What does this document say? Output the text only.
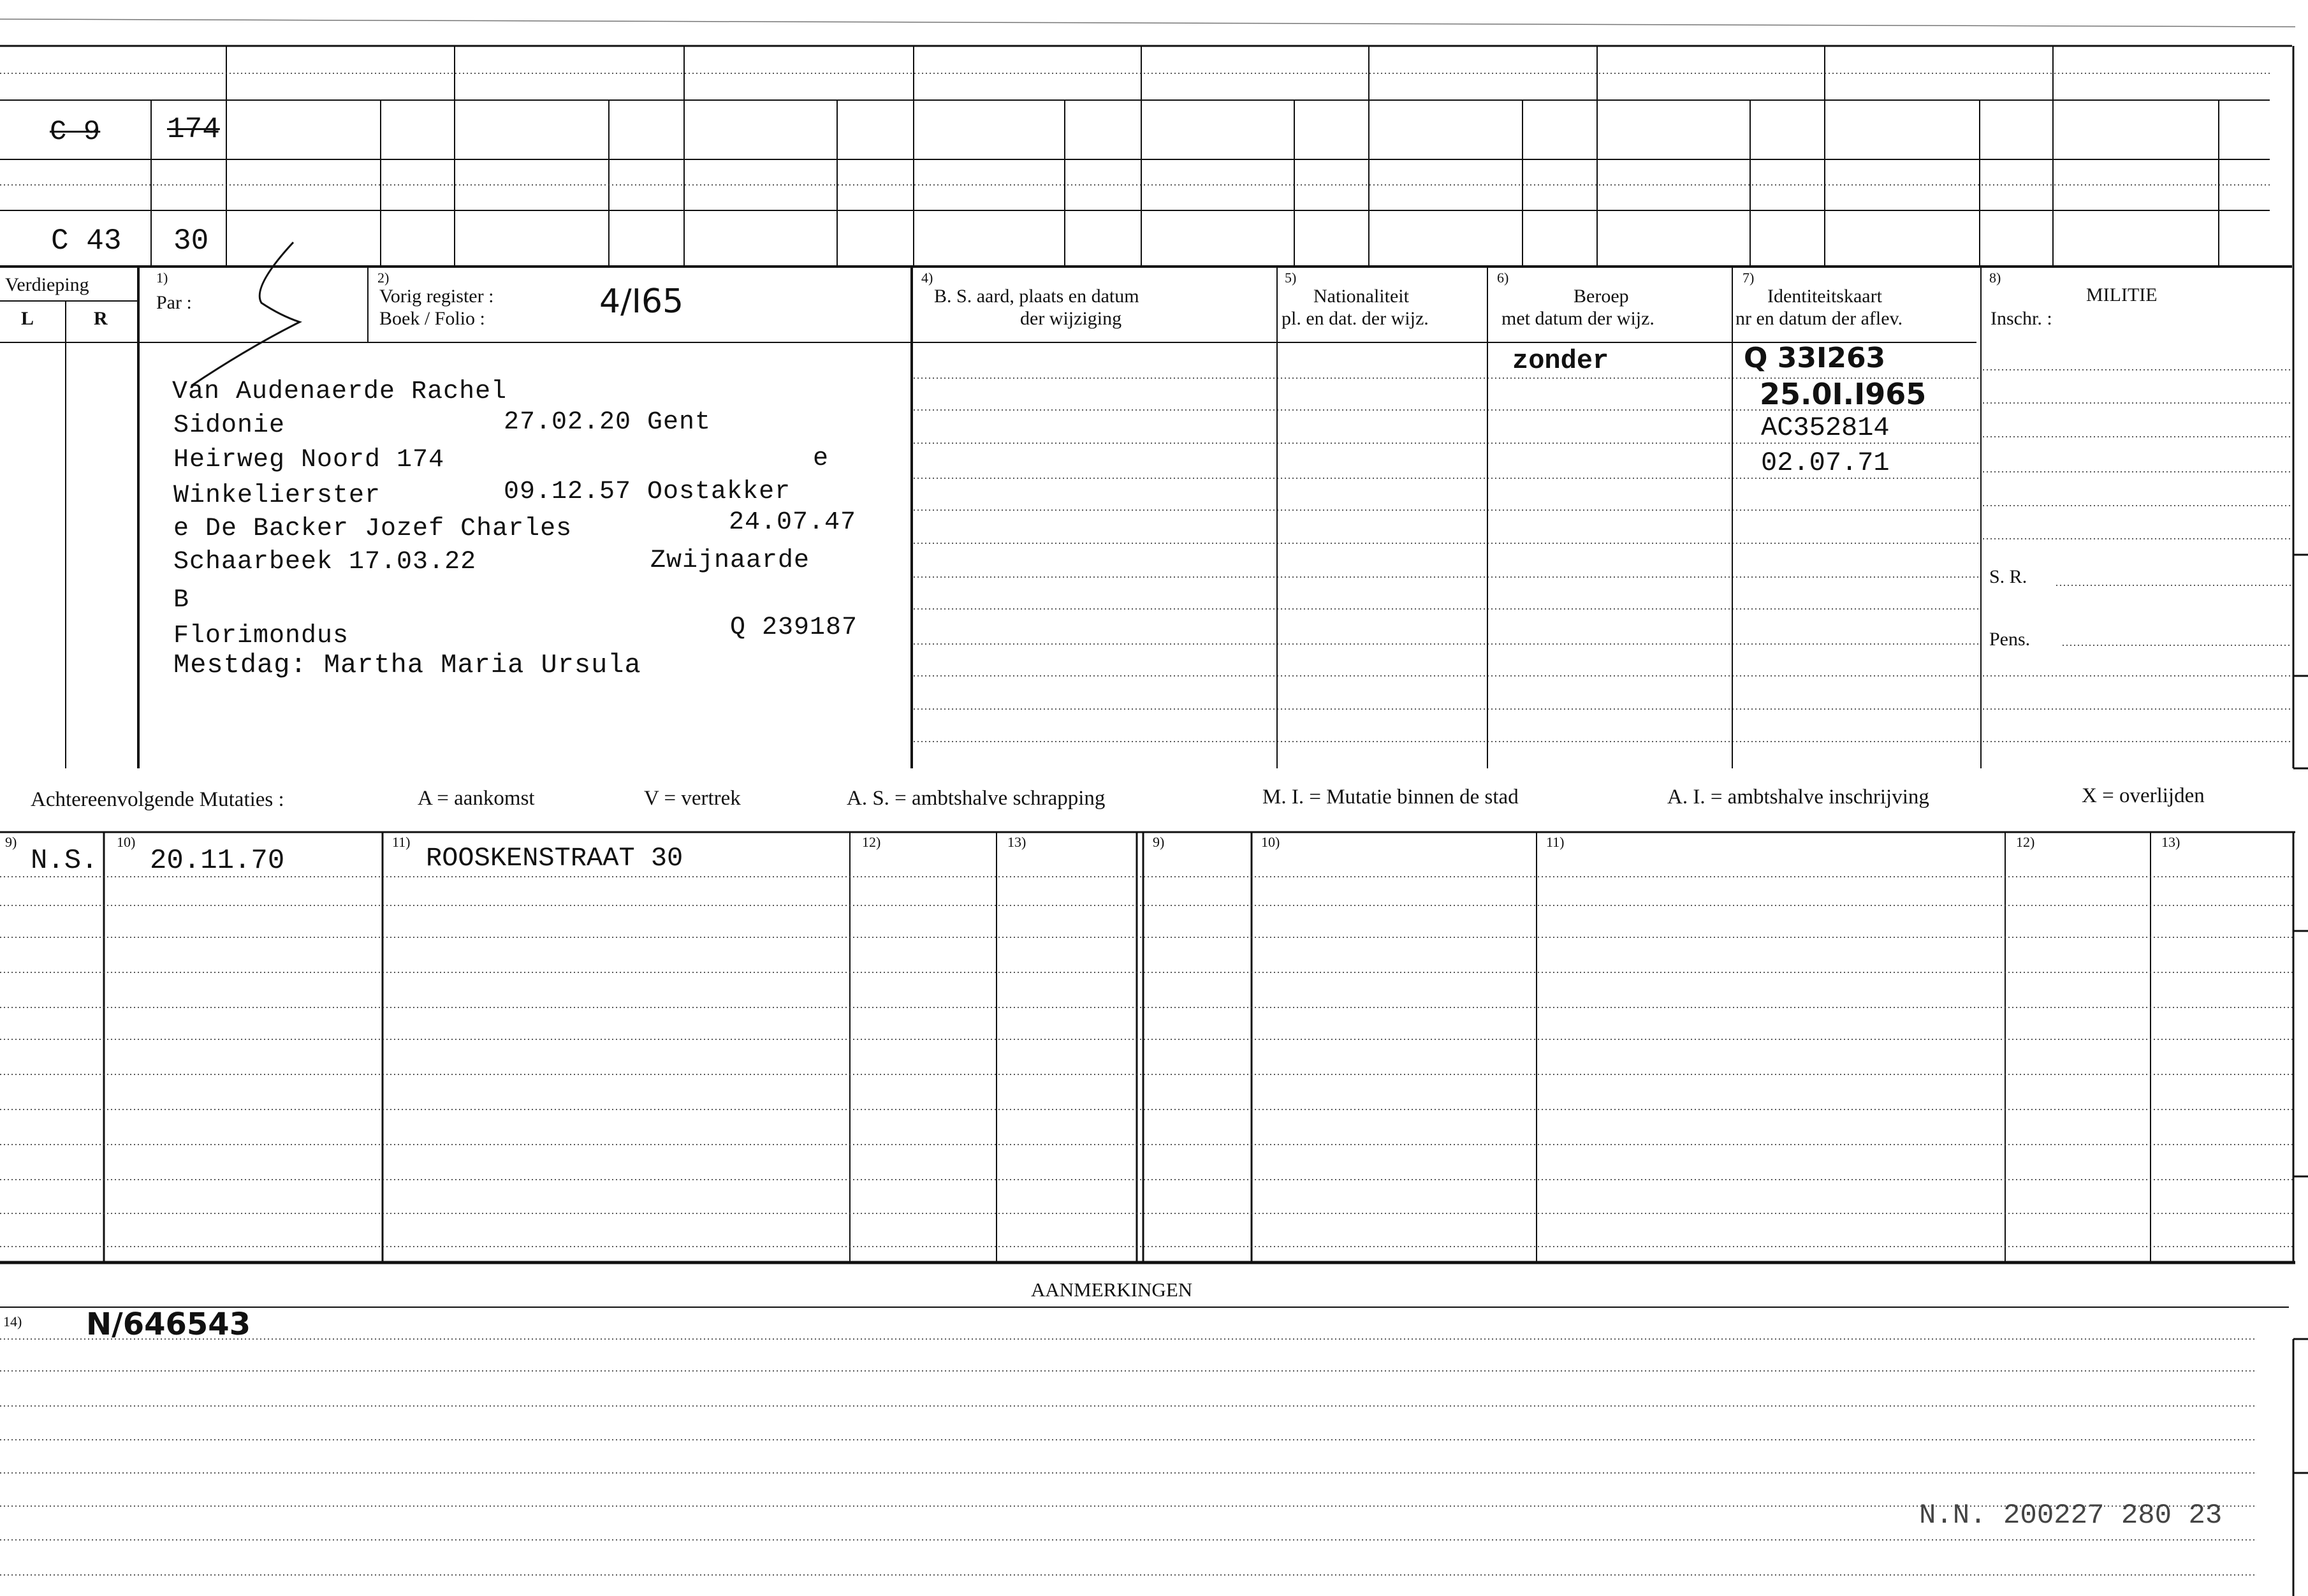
C 9 174
C 43 30
Verdieping
L	R
1)
Par :
2)
Vorig register :
Boek / Folio :	4/I65
4)
B. S. aard, plaats en datum
der wijziging
5)
Nationaliteit
pl. en dat. der wijz.
6)
Beroep
met datum der wijz.
7)
Identiteitskaart
nr en datum der aflev.
8)
MILITIE
Inschr. :
Van Audenaerde Rachel
Sidonie	27.02.20 Gent
Heirweg Noord 174	e
Winkelierster	09.12.57 Oostakker
e De Backer Jozef Charles	24.07.47
Schaarbeek 17.03.22	Zwijnaarde
B
Florimondus	Q 239187
Mestdag: Martha Maria Ursula
zonder	Q 33I263
25.0I.I965
AC352814
02.07.71
S. R.
Pens.
Achtereenvolgende Mutaties :	A = aankomst	V = vertrek	A. S. = ambtshalve schrapping	M. I. = Mutatie binnen de stad	A. I. = ambtshalve inschrijving	X = overlijden
9)	10)	11)	12)	13)	9)	10)	11)	12)	13)
N.S. 20.11.70	ROOSKENSTRAAT 30
AANMERKINGEN
14) N/646543
N.N. 200227 280 23
